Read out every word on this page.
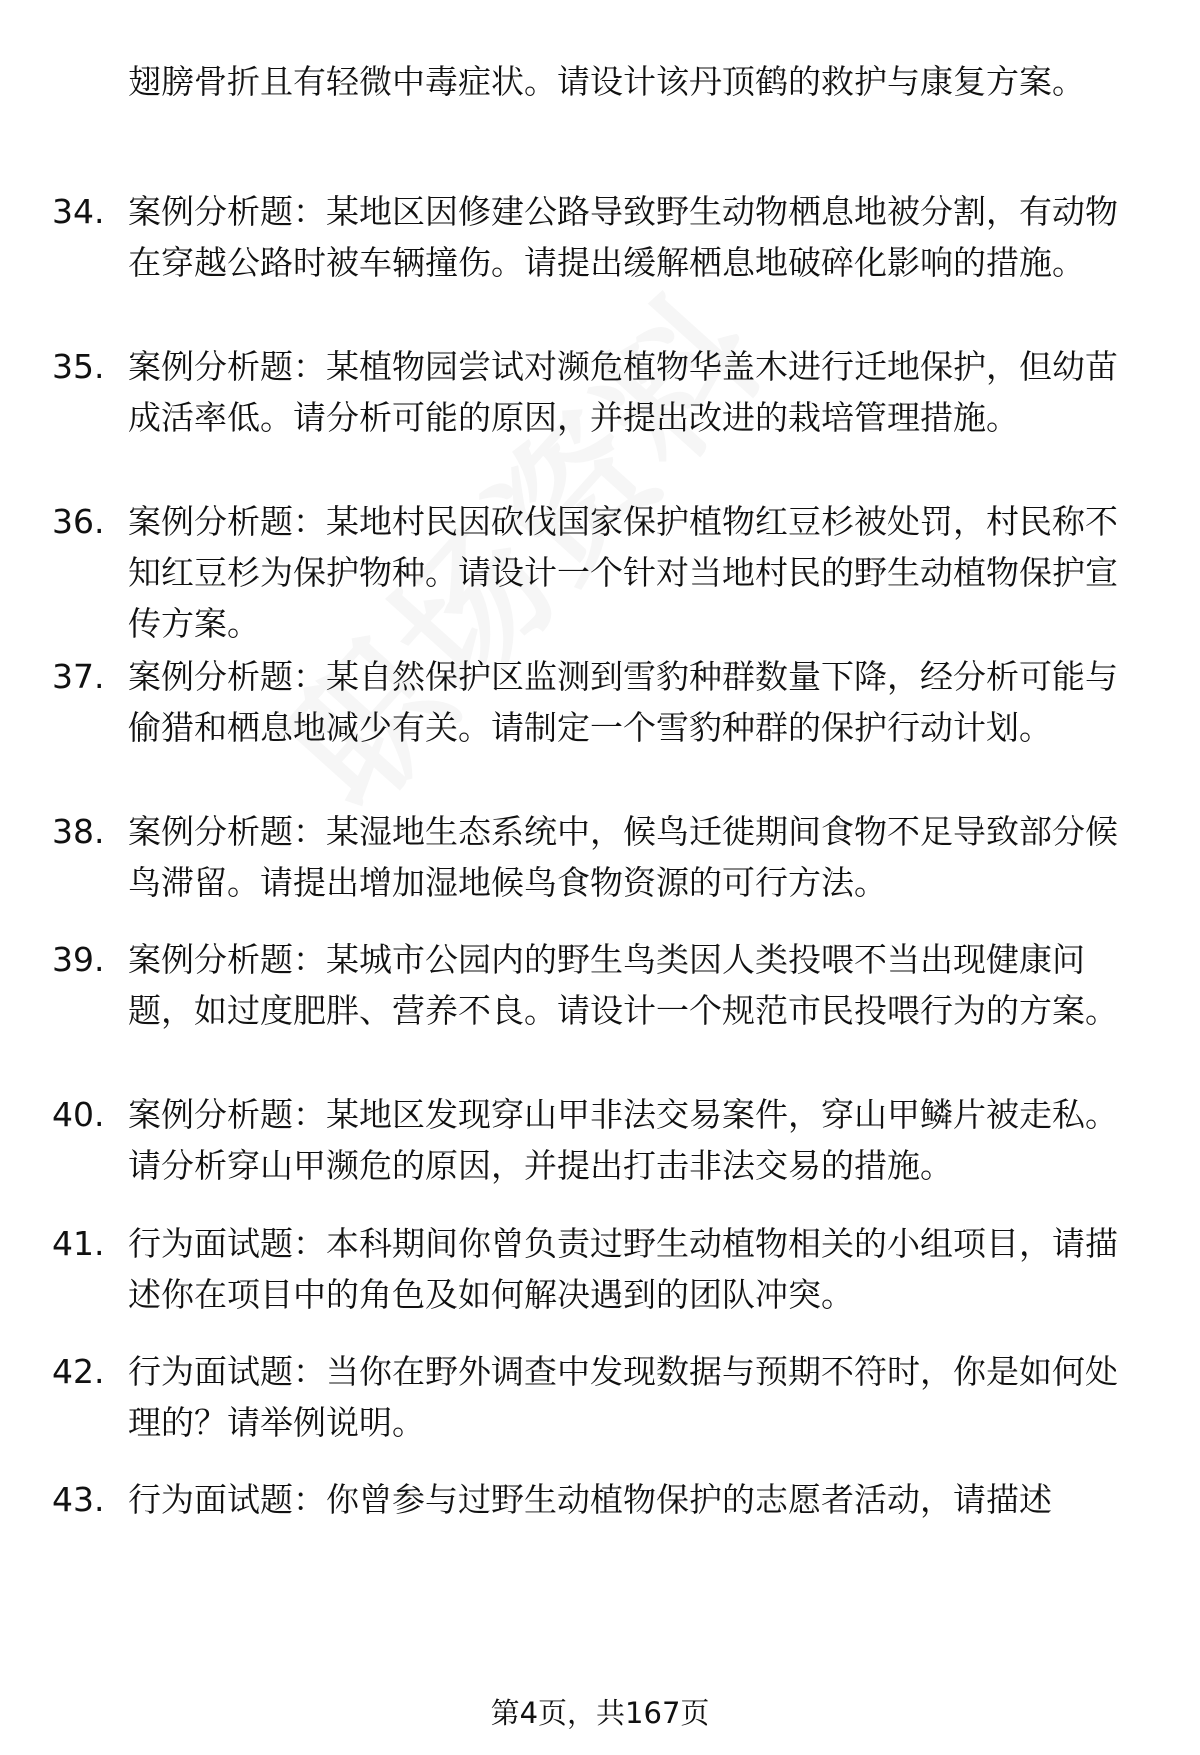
翅膀骨折且有轻微中毒症状。请设计该丹顶鹤的救护与康复方案。

34. 案例分析题：某地区因修建公路导致野生动物栖息地被分割，有动物在穿越公路时被车辆撞伤。请提出缓解栖息地破碎化影响的措施。

35. 案例分析题：某植物园尝试对濒危植物华盖木进行迁地保护，但幼苗成活率低。请分析可能的原因，并提出改进的栽培管理措施。

36. 案例分析题：某地村民因砍伐国家保护植物红豆杉被处罚，村民称不知红豆杉为保护物种。请设计一个针对当地村民的野生动植物保护宣传方案。

37. 案例分析题：某自然保护区监测到雪豹种群数量下降，经分析可能与偷猎和栖息地减少有关。请制定一个雪豹种群的保护行动计划。

38. 案例分析题：某湿地生态系统中，候鸟迁徙期间食物不足导致部分候鸟滞留。请提出增加湿地候鸟食物资源的可行方法。

39. 案例分析题：某城市公园内的野生鸟类因人类投喂不当出现健康问题，如过度肥胖、营养不良。请设计一个规范市民投喂行为的方案。

40. 案例分析题：某地区发现穿山甲非法交易案件，穿山甲鳞片被走私。请分析穿山甲濒危的原因，并提出打击非法交易的措施。

41. 行为面试题：本科期间你曾负责过野生动植物相关的小组项目，请描述你在项目中的角色及如何解决遇到的团队冲突。

42. 行为面试题：当你在野外调查中发现数据与预期不符时，你是如何处理的？请举例说明。

43. 行为面试题：你曾参与过野生动植物保护的志愿者活动，请描述

第4页，共167页
